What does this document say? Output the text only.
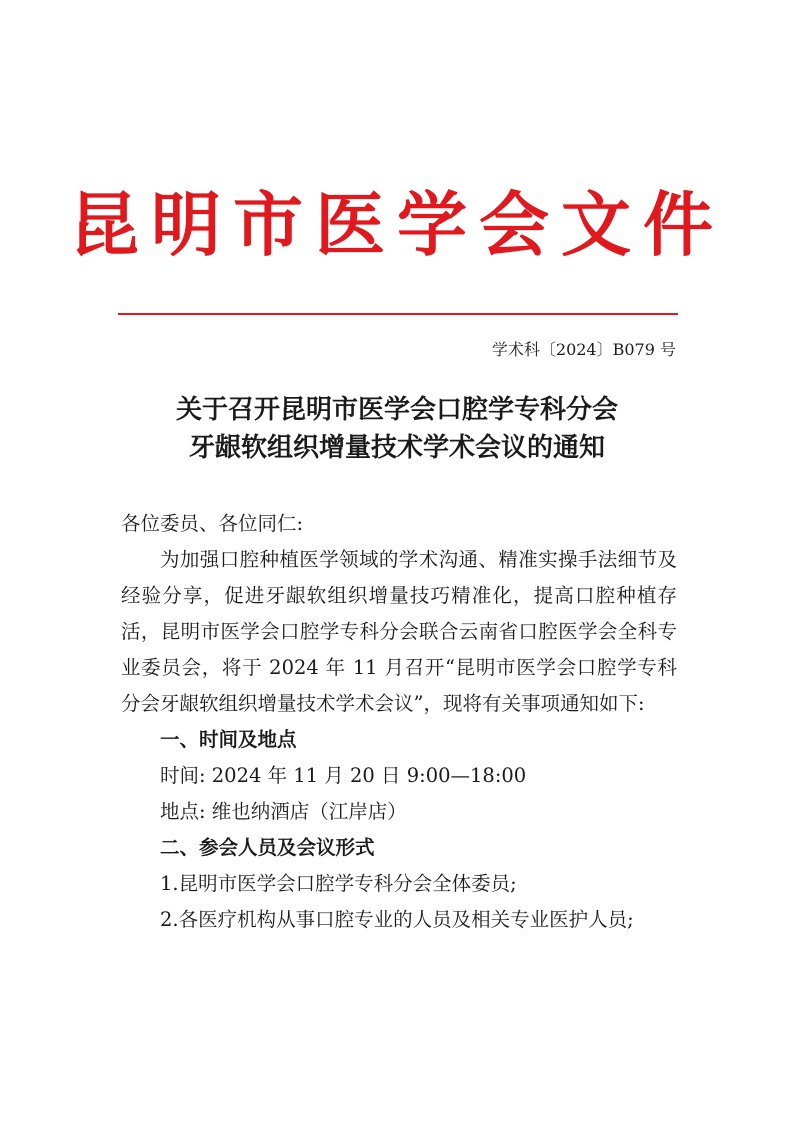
昆明市医学会文件
学术科〔2024〕B079 号
关于召开昆明市医学会口腔学专科分会
牙龈软组织增量技术学术会议的通知

各位委员、各位同仁:

为加强口腔种植医学领域的学术沟通、精准实操手法细节及经验分享，促进牙龈软组织增量技巧精准化，提高口腔种植存活，昆明市医学会口腔学专科分会联合云南省口腔医学会全科专业委员会，将于 2024 年 11 月召开“昆明市医学会口腔学专科分会牙龈软组织增量技术学术会议”，现将有关事项通知如下:

一、时间及地点

时间: 2024 年 11 月 20 日 9:00—18:00

地点: 维也纳酒店（江岸店）

二、参会人员及会议形式

1.昆明市医学会口腔学专科分会全体委员;

2.各医疗机构从事口腔专业的人员及相关专业医护人员;
